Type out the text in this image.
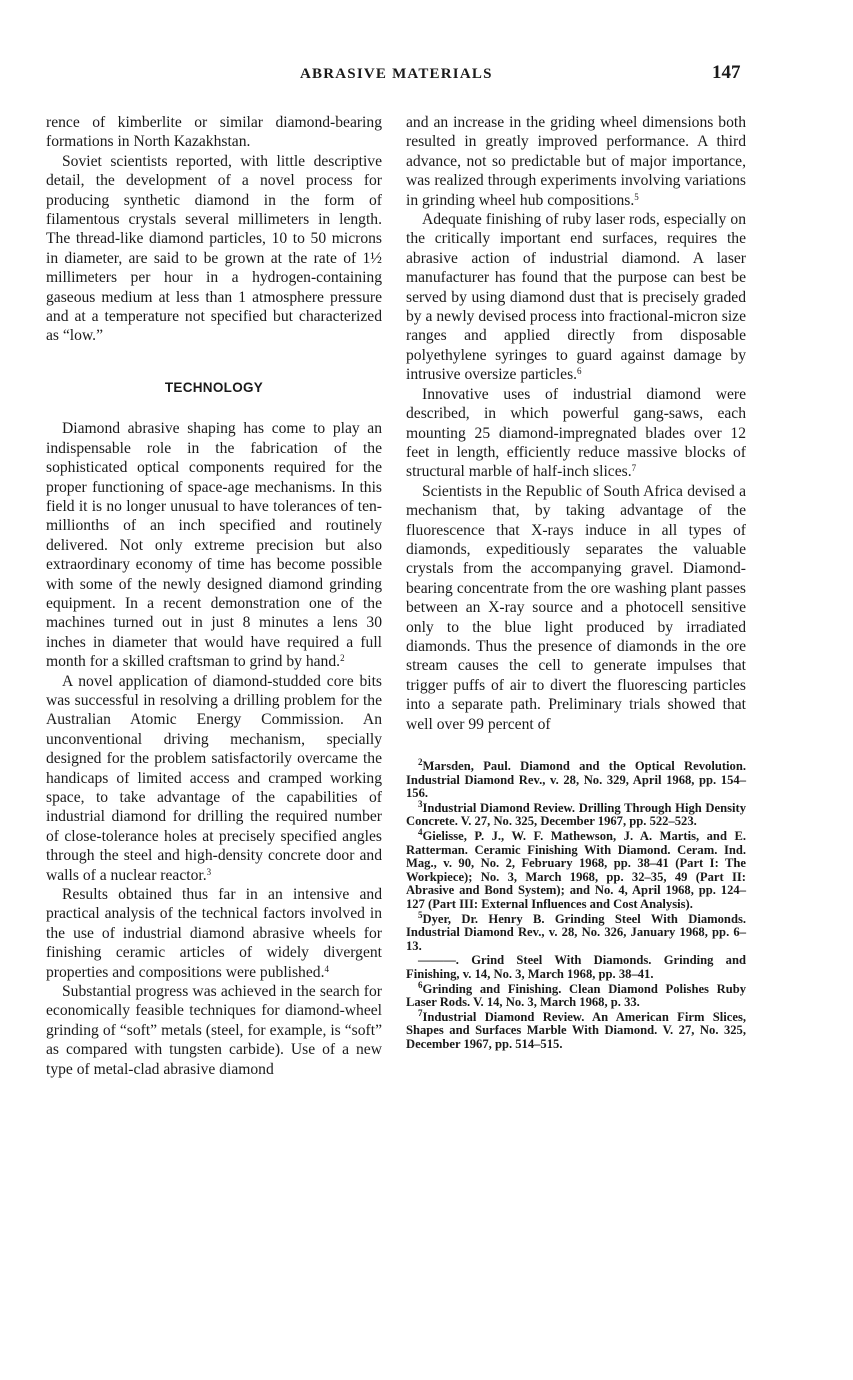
ABRASIVE MATERIALS	147

rence of kimberlite or similar diamond-bearing formations in North Kazakhstan.

Soviet scientists reported, with little descriptive detail, the development of a novel process for producing synthetic diamond in the form of filamentous crystals several millimeters in length. The thread-like diamond particles, 10 to 50 microns in diameter, are said to be grown at the rate of 1½ millimeters per hour in a hydrogen-containing gaseous medium at less than 1 atmosphere pressure and at a temperature not specified but characterized as “low.”

TECHNOLOGY

Diamond abrasive shaping has come to play an indispensable role in the fabrication of the sophisticated optical components required for the proper functioning of space-age mechanisms. In this field it is no longer unusual to have tolerances of ten-millionths of an inch specified and routinely delivered. Not only extreme precision but also extraordinary economy of time has become possible with some of the newly designed diamond grinding equipment. In a recent demonstration one of the machines turned out in just 8 minutes a lens 30 inches in diameter that would have required a full month for a skilled craftsman to grind by hand.$^2$

A novel application of diamond-studded core bits was successful in resolving a drilling problem for the Australian Atomic Energy Commission. An unconventional driving mechanism, specially designed for the problem satisfactorily overcame the handicaps of limited access and cramped working space, to take advantage of the capabilities of industrial diamond for drilling the required number of close-tolerance holes at precisely specified angles through the steel and high-density concrete door and walls of a nuclear reactor.$^3$

Results obtained thus far in an intensive and practical analysis of the technical factors involved in the use of industrial diamond abrasive wheels for finishing ceramic articles of widely divergent properties and compositions were published.$^4$

Substantial progress was achieved in the search for economically feasible techniques for diamond-wheel grinding of “soft” metals (steel, for example, is “soft” as compared with tungsten carbide). Use of a new type of metal-clad abrasive diamond

and an increase in the griding wheel dimensions both resulted in greatly improved performance. A third advance, not so predictable but of major importance, was realized through experiments involving variations in grinding wheel hub compositions.$^5$

Adequate finishing of ruby laser rods, especially on the critically important end surfaces, requires the abrasive action of industrial diamond. A laser manufacturer has found that the purpose can best be served by using diamond dust that is precisely graded by a newly devised process into fractional-micron size ranges and applied directly from disposable polyethylene syringes to guard against damage by intrusive oversize particles.$^6$

Innovative uses of industrial diamond were described, in which powerful gang-saws, each mounting 25 diamond-impregnated blades over 12 feet in length, efficiently reduce massive blocks of structural marble of half-inch slices.$^7$

Scientists in the Republic of South Africa devised a mechanism that, by taking advantage of the fluorescence that X-rays induce in all types of diamonds, expeditiously separates the valuable crystals from the accompanying gravel. Diamond-bearing concentrate from the ore washing plant passes between an X-ray source and a photocell sensitive only to the blue light produced by irradiated diamonds. Thus the presence of diamonds in the ore stream causes the cell to generate impulses that trigger puffs of air to divert the fluorescing particles into a separate path. Preliminary trials showed that well over 99 percent of

$^2$Marsden, Paul. Diamond and the Optical Revolution. Industrial Diamond Rev., v. 28, No. 329, April 1968, pp. 154–156.

$^3$Industrial Diamond Review. Drilling Through High Density Concrete. V. 27, No. 325, December 1967, pp. 522–523.

$^4$Gielisse, P. J., W. F. Mathewson, J. A. Martis, and E. Ratterman. Ceramic Finishing With Diamond. Ceram. Ind. Mag., v. 90, No. 2, February 1968, pp. 38–41 (Part I: The Workpiece); No. 3, March 1968, pp. 32–35, 49 (Part II: Abrasive and Bond System); and No. 4, April 1968, pp. 124–127 (Part III: External Influences and Cost Analysis).

$^5$Dyer, Dr. Henry B. Grinding Steel With Diamonds. Industrial Diamond Rev., v. 28, No. 326, January 1968, pp. 6–13.

———. Grind Steel With Diamonds. Grinding and Finishing, v. 14, No. 3, March 1968, pp. 38–41.

$^6$Grinding and Finishing. Clean Diamond Polishes Ruby Laser Rods. V. 14, No. 3, March 1968, p. 33.

$^7$Industrial Diamond Review. An American Firm Slices, Shapes and Surfaces Marble With Diamond. V. 27, No. 325, December 1967, pp. 514–515.
